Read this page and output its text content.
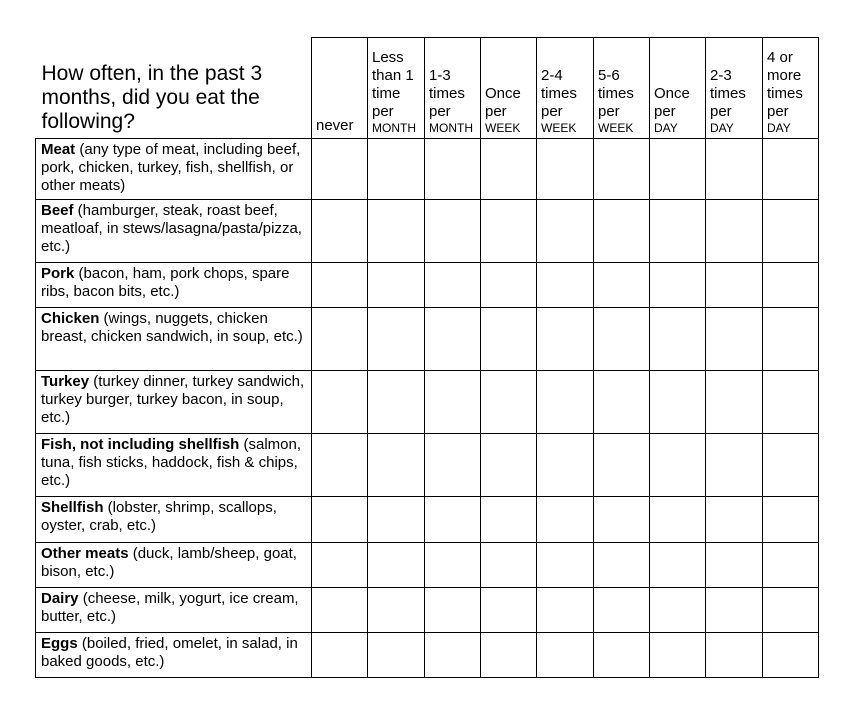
How often, in the past 3 months, did you eat the following?	never	Less
than 1
time
per
MONTH	1-3
times
per
MONTH	Once
per
WEEK	2-4
times
per
WEEK	5-6
times
per
WEEK	Once
per
DAY	2-3
times
per
DAY	4 or
more
times
per
DAY

Meat (any type of meat, including beef, pork, chicken, turkey, fish, shellfish, or other meats)									
Beef (hamburger, steak, roast beef, meatloaf, in stews/lasagna/pasta/pizza, etc.)									
Pork (bacon, ham, pork chops, spare ribs, bacon bits, etc.)									
Chicken (wings, nuggets, chicken breast, chicken sandwich, in soup, etc.)									
Turkey (turkey dinner, turkey sandwich, turkey burger, turkey bacon, in soup, etc.)									
Fish, not including shellfish (salmon, tuna, fish sticks, haddock, fish & chips, etc.)									
Shellfish (lobster, shrimp, scallops, oyster, crab, etc.)									
Other meats (duck, lamb/sheep, goat, bison, etc.)									
Dairy (cheese, milk, yogurt, ice cream, butter, etc.)									
Eggs (boiled, fried, omelet, in salad, in baked goods, etc.)									
